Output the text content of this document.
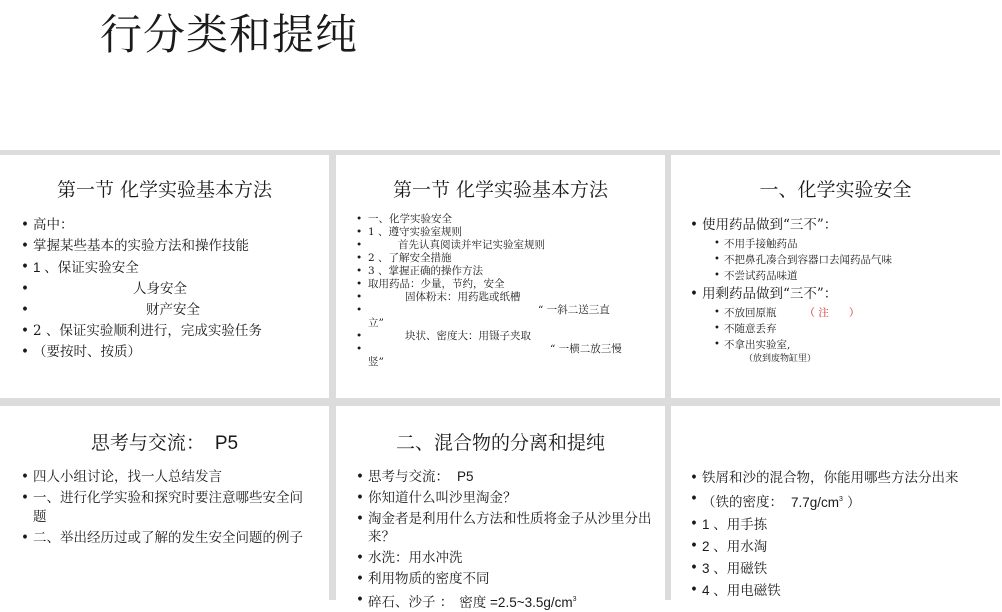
行分类和提纯
第一节 化学实验基本方法
• 高中：
• 掌握某些基本的实验方法和操作技能
• 1 、保证实验安全
• 人身安全
• 财产安全
• 2 、保证实验顺利进行，完成实验任务
• （要按时、按质）
第一节 化学实验基本方法
• 一、化学实验安全
• 1 、遵守实验室规则
• 首先认真阅读并牢记实验室规则
• 2 、了解安全措施
• 3 、掌握正确的操作方法
• 取用药品：少量，节约，安全
• 固体粉末：用药匙或纸槽
• “ 一斜二送三直
立”
• 块状、密度大：用镊子夹取
• “ 一横二放三慢
竖”
一、化学实验安全
• 使用药品做到“三不”：
• 不用手接触药品
• 不把鼻孔凑合到容器口去闻药品气味
• 不尝试药品味道
• 用剩药品做到“三不”：
• 不放回原瓶	（ 注      ）
• 不随意丢弃
• 不拿出实验室,
（放到废物缸里）
思考与交流： P5
• 四人小组讨论，找一人总结发言
• 一、进行化学实验和探究时要注意哪些安全问题
• 二、举出经历过或了解的发生安全问题的例子
二、混合物的分离和提纯
• 思考与交流： P5
• 你知道什么叫沙里淘金？
• 淘金者是利用什么方法和性质将金子从沙里分出来？
• 水洗：用水冲洗
• 利用物质的密度不同
• 碎石、沙子 ： 密度 $=2.5\sim 3.5g/cm^3$
• 铁屑和沙的混合物，你能用哪些方法分出来
• （铁的密度： $7.7g/cm^3$ ）
• 1 、用手拣
• 2 、用水淘
• 3 、用磁铁
• 4 、用电磁铁
